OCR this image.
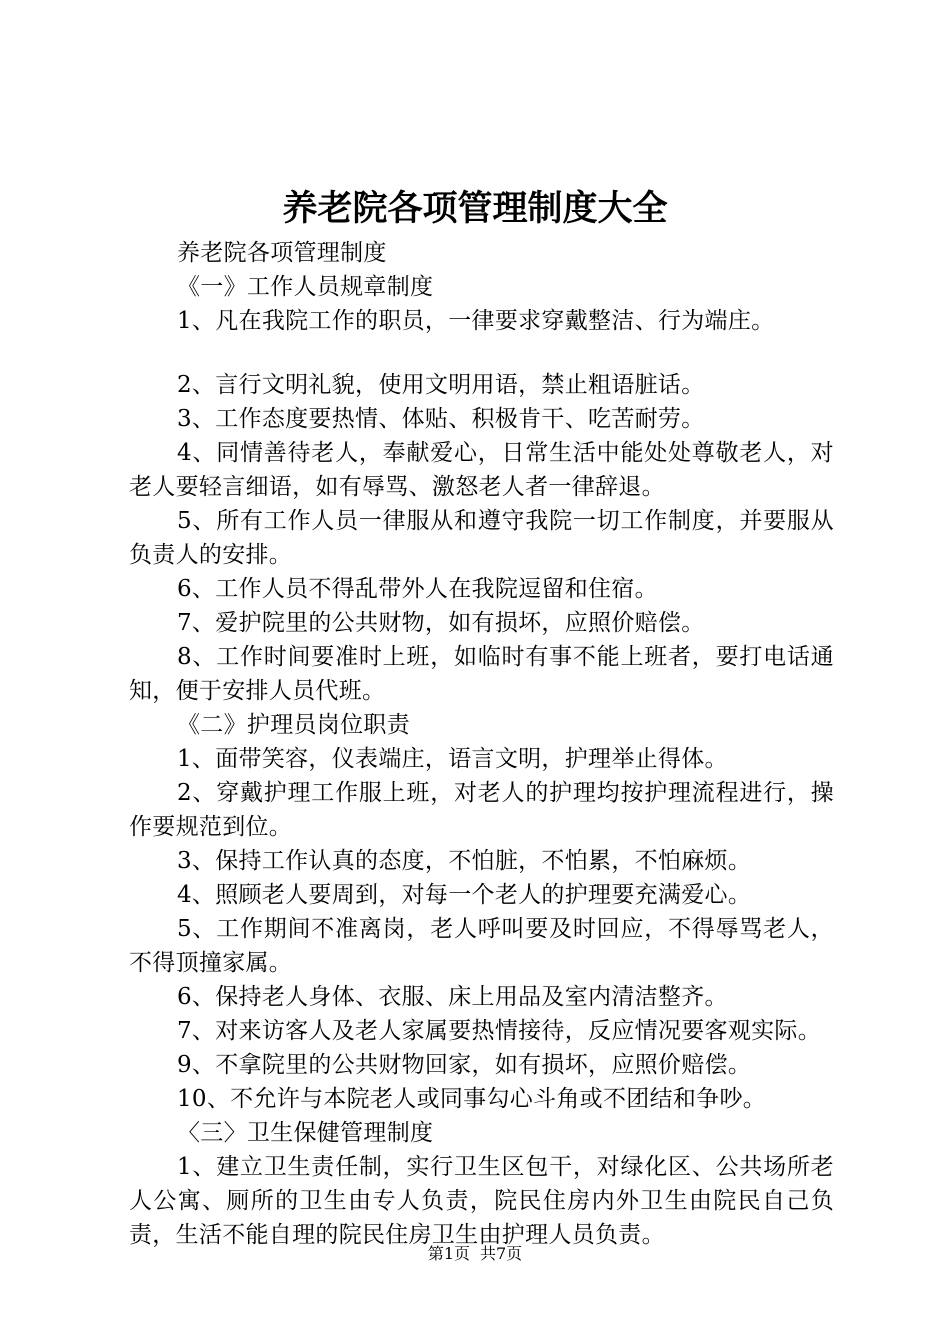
养老院各项管理制度大全

养老院各项管理制度

《一》工作人员规章制度

1、凡在我院工作的职员，一律要求穿戴整洁、行为端庄。

2、言行文明礼貌，使用文明用语，禁止粗语脏话。

3、工作态度要热情、体贴、积极肯干、吃苦耐劳。

4、同情善待老人，奉献爱心，日常生活中能处处尊敬老人，对老人要轻言细语，如有辱骂、激怒老人者一律辞退。

5、所有工作人员一律服从和遵守我院一切工作制度，并要服从负责人的安排。

6、工作人员不得乱带外人在我院逗留和住宿。

7、爱护院里的公共财物，如有损坏，应照价赔偿。

8、工作时间要准时上班，如临时有事不能上班者，要打电话通知，便于安排人员代班。

《二》护理员岗位职责

1、面带笑容，仪表端庄，语言文明，护理举止得体。

2、穿戴护理工作服上班，对老人的护理均按护理流程进行，操作要规范到位。

3、保持工作认真的态度，不怕脏，不怕累，不怕麻烦。

4、照顾老人要周到，对每一个老人的护理要充满爱心。

5、工作期间不准离岗，老人呼叫要及时回应，不得辱骂老人，不得顶撞家属。

6、保持老人身体、衣服、床上用品及室内清洁整齐。

7、对来访客人及老人家属要热情接待，反应情况要客观实际。

9、不拿院里的公共财物回家，如有损坏，应照价赔偿。

10、不允许与本院老人或同事勾心斗角或不团结和争吵。

〈三〉卫生保健管理制度

1、建立卫生责任制，实行卫生区包干，对绿化区、公共场所老人公寓、厕所的卫生由专人负责，院民住房内外卫生由院民自己负责，生活不能自理的院民住房卫生由护理人员负责。

第1页 共7页
